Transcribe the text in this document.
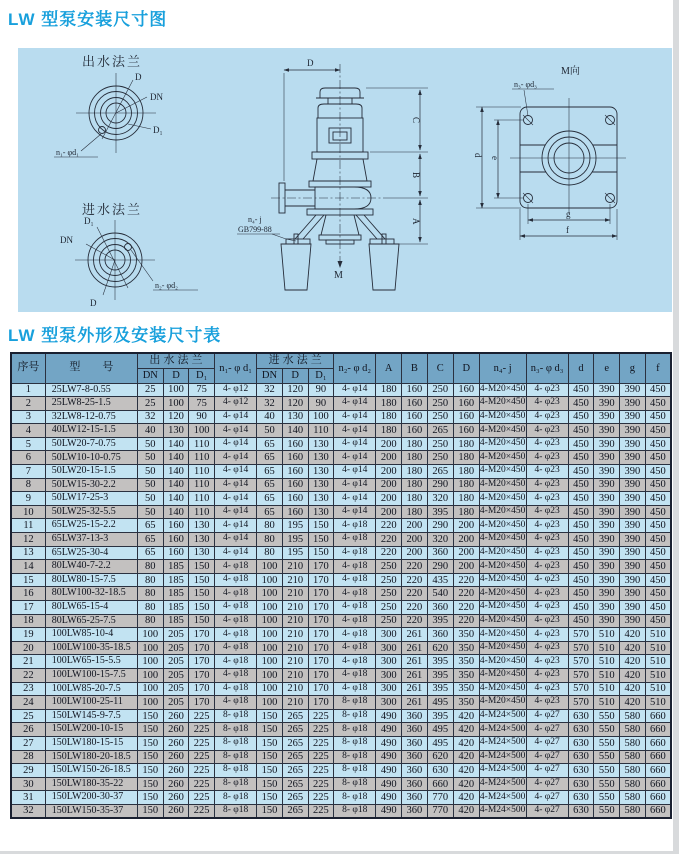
LW 型泵安装尺寸图
出水法兰
D
DN
D₁
n₁- φd₁
进水法兰
D₁
DN
D
n₂- φd₂
M
D
C
B
A
n₄- j
GB799-88
M向
n₃- φd₃
d
e
g
f
LW 型泵外形及安装尺寸表
序号	型　　号	出 水 法 兰			n₁- φ d₁	进 水 法 兰			n₂- φ d₂	A	B	C	D	n₄- j	n₃- φ d₃	d	e	g	f
		DN	D	D₁		DN	D	D₁											
1	25LW7-8-0.55	25	100	75	4- φ12	32	120	90	4- φ14	180	160	250	160	4-M20×450	4- φ23	450	390	390	450
2	25LW8-25-1.5	25	100	75	4- φ12	32	120	90	4- φ14	180	160	250	160	4-M20×450	4- φ23	450	390	390	450
3	32LW8-12-0.75	32	120	90	4- φ14	40	130	100	4- φ14	180	160	250	160	4-M20×450	4- φ23	450	390	390	450
4	40LW12-15-1.5	40	130	100	4- φ14	50	140	110	4- φ14	180	160	265	160	4-M20×450	4- φ23	450	390	390	450
5	50LW20-7-0.75	50	140	110	4- φ14	65	160	130	4- φ14	200	180	250	180	4-M20×450	4- φ23	450	390	390	450
6	50LW10-10-0.75	50	140	110	4- φ14	65	160	130	4- φ14	200	180	250	180	4-M20×450	4- φ23	450	390	390	450
7	50LW20-15-1.5	50	140	110	4- φ14	65	160	130	4- φ14	200	180	265	180	4-M20×450	4- φ23	450	390	390	450
8	50LW15-30-2.2	50	140	110	4- φ14	65	160	130	4- φ14	200	180	290	180	4-M20×450	4- φ23	450	390	390	450
9	50LW17-25-3	50	140	110	4- φ14	65	160	130	4- φ14	200	180	320	180	4-M20×450	4- φ23	450	390	390	450
10	50LW25-32-5.5	50	140	110	4- φ14	65	160	130	4- φ14	200	180	395	180	4-M20×450	4- φ23	450	390	390	450
11	65LW25-15-2.2	65	160	130	4- φ14	80	195	150	4- φ18	220	200	290	200	4-M20×450	4- φ23	450	390	390	450
12	65LW37-13-3	65	160	130	4- φ14	80	195	150	4- φ18	220	200	320	200	4-M20×450	4- φ23	450	390	390	450
13	65LW25-30-4	65	160	130	4- φ14	80	195	150	4- φ18	220	200	360	200	4-M20×450	4- φ23	450	390	390	450
14	80LW40-7-2.2	80	185	150	4- φ18	100	210	170	4- φ18	250	220	290	200	4-M20×450	4- φ23	450	390	390	450
15	80LW80-15-7.5	80	185	150	4- φ18	100	210	170	4- φ18	250	220	435	220	4-M20×450	4- φ23	450	390	390	450
16	80LW100-32-18.5	80	185	150	4- φ18	100	210	170	4- φ18	250	220	540	220	4-M20×450	4- φ23	450	390	390	450
17	80LW65-15-4	80	185	150	4- φ18	100	210	170	4- φ18	250	220	360	220	4-M20×450	4- φ23	450	390	390	450
18	80LW65-25-7.5	80	185	150	4- φ18	100	210	170	4- φ18	250	220	395	220	4-M20×450	4- φ23	450	390	390	450
19	100LW85-10-4	100	205	170	4- φ18	100	210	170	4- φ18	300	261	360	350	4-M20×450	4- φ23	570	510	420	510
20	100LW100-35-18.5	100	205	170	4- φ18	100	210	170	4- φ18	300	261	620	350	4-M20×450	4- φ23	570	510	420	510
21	100LW65-15-5.5	100	205	170	4- φ18	100	210	170	4- φ18	300	261	395	350	4-M20×450	4- φ23	570	510	420	510
22	100LW100-15-7.5	100	205	170	4- φ18	100	210	170	4- φ18	300	261	395	350	4-M20×450	4- φ23	570	510	420	510
23	100LW85-20-7.5	100	205	170	4- φ18	100	210	170	4- φ18	300	261	395	350	4-M20×450	4- φ23	570	510	420	510
24	100LW100-25-11	100	205	170	4- φ18	100	210	170	8- φ18	300	261	495	350	4-M20×450	4- φ23	570	510	420	510
25	150LW145-9-7.5	150	260	225	8- φ18	150	265	225	8- φ18	490	360	395	420	4-M24×500	4- φ27	630	550	580	660
26	150LW200-10-15	150	260	225	8- φ18	150	265	225	8- φ18	490	360	495	420	4-M24×500	4- φ27	630	550	580	660
27	150LW180-15-15	150	260	225	8- φ18	150	265	225	8- φ18	490	360	495	420	4-M24×500	4- φ27	630	550	580	660
28	150LW180-20-18.5	150	260	225	8- φ18	150	265	225	8- φ18	490	360	620	420	4-M24×500	4- φ27	630	550	580	660
29	150LW150-26-18.5	150	260	225	8- φ18	150	265	225	8- φ18	490	360	630	420	4-M24×500	4- φ27	630	550	580	660
30	150LW180-35-22	150	260	225	8- φ18	150	265	225	8- φ18	490	360	660	420	4-M24×500	4- φ27	630	550	580	660
31	150LW200-30-37	150	260	225	8- φ18	150	265	225	8- φ18	490	360	770	420	4-M24×500	4- φ27	630	550	580	660
32	150LW150-35-37	150	260	225	8- φ18	150	265	225	8- φ18	490	360	770	420	4-M24×500	4- φ27	630	550	580	660
